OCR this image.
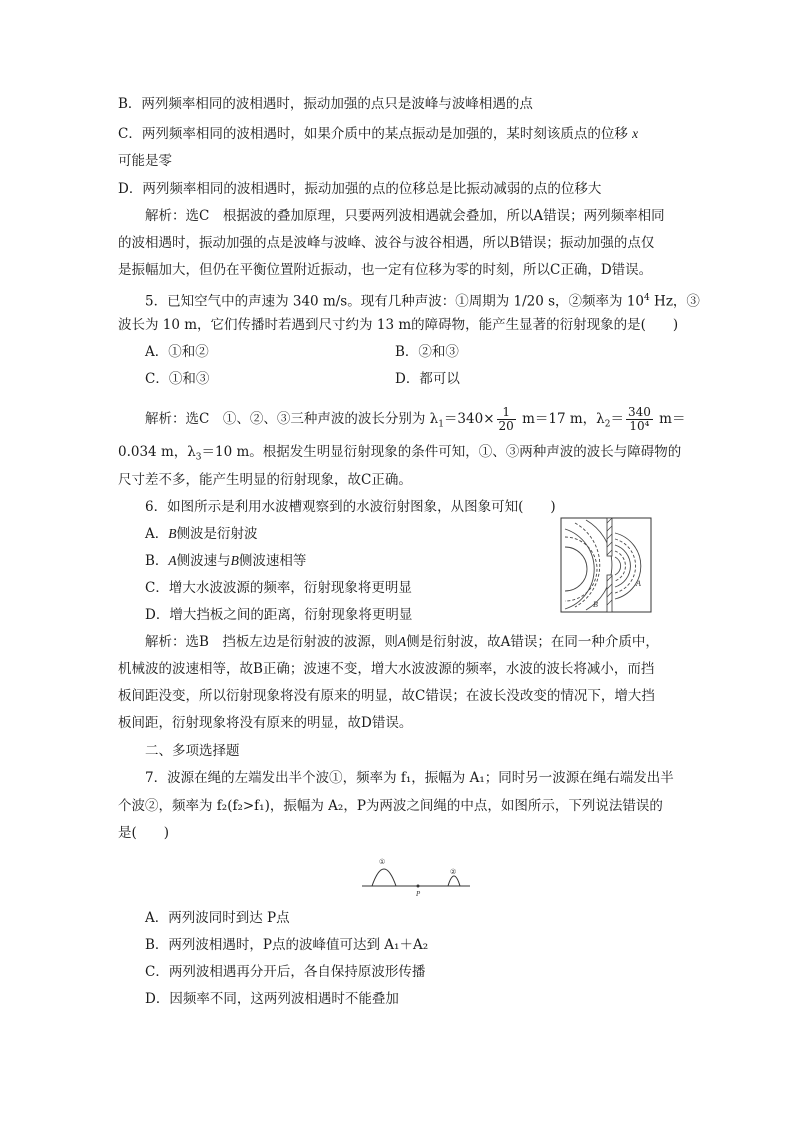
B．两列频率相同的波相遇时，振动加强的点只是波峰与波峰相遇的点
C．两列频率相同的波相遇时，如果介质中的某点振动是加强的，某时刻该质点的位移 x
可能是零
D．两列频率相同的波相遇时，振动加强的点的位移总是比振动减弱的点的位移大
解析：选C　根据波的叠加原理，只要两列波相遇就会叠加，所以A错误；两列频率相同
的波相遇时，振动加强的点是波峰与波峰、波谷与波谷相遇，所以B错误；振动加强的点仅
是振幅加大，但仍在平衡位置附近振动，也一定有位移为零的时刻，所以C正确，D错误。
5．已知空气中的声速为 340 m/s。现有几种声波：①周期为 1/20 s，②频率为 $10^4$ Hz，③
波长为 10 m，它们传播时若遇到尺寸约为 13 m的障碍物，能产生显著的衍射现象的是(　　)
A．①和②	B．②和③
C．①和③	D．都可以
解析：选C　①、②、③三种声波的波长分别为 $\lambda_1=340\times \frac{1}{20} m=17$ m，$\lambda_2= \frac{340}{\text{10⁴}} m=$
0.034 m，$\lambda_3=10$ m。根据发生明显衍射现象的条件可知，①、③两种声波的波长与障碍物的
尺寸差不多，能产生明显的衍射现象，故C正确。
6．如图所示是利用水波槽观察到的水波衍射图象，从图象可知(　　)
A．B侧波是衍射波
B．A侧波速与B侧波速相等
C．增大水波波源的频率，衍射现象将更明显
D．增大挡板之间的距离，衍射现象将更明显
B
A
解析：选B　挡板左边是衍射波的波源，则A侧是衍射波，故A错误；在同一种介质中，
机械波的波速相等，故B正确；波速不变，增大水波波源的频率，水波的波长将减小，而挡
板间距没变，所以衍射现象将没有原来的明显，故C错误；在波长没改变的情况下，增大挡
板间距，衍射现象将没有原来的明显，故D错误。
二、多项选择题
7．波源在绳的左端发出半个波①，频率为 f₁，振幅为 A₁；同时另一波源在绳右端发出半
个波②，频率为 f₂(f₂>f₁)，振幅为 A₂，P为两波之间绳的中点，如图所示，下列说法错误的
是(　　)
①
②
P
A．两列波同时到达 P点
B．两列波相遇时，P点的波峰值可达到 A₁＋A₂
C．两列波相遇再分开后，各自保持原波形传播
D．因频率不同，这两列波相遇时不能叠加
